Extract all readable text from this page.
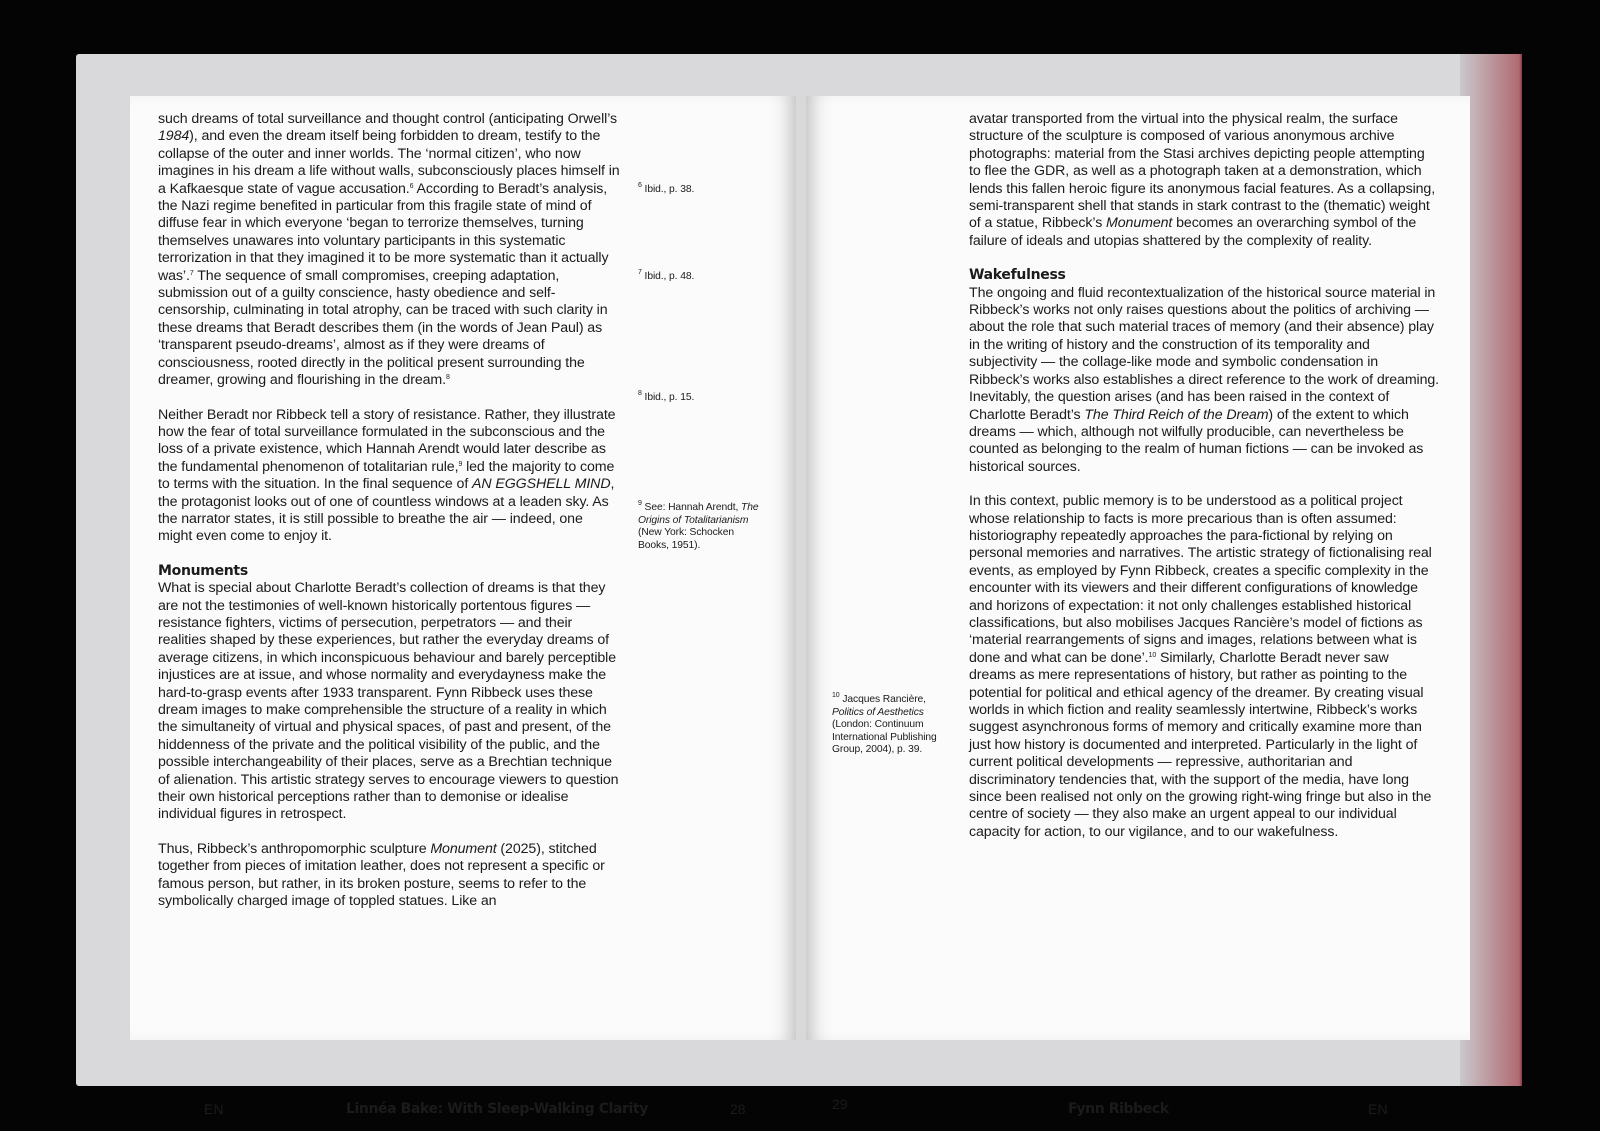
such dreams of total surveillance and thought control (anticipating Orwell’s 1984), and even the dream itself being forbidden to dream, testify to the collapse of the outer and inner worlds. The ‘normal citizen’, who now imagines in his dream a life without walls, subconsciously places himself in a Kafkaesque state of vague accusation.$^6$ According to Beradt’s analysis, the Nazi regime benefited in particular from this fragile state of mind of diffuse fear in which everyone ‘began to terrorize themselves, turning themselves unawares into voluntary participants in this systematic terrorization in that they imagined it to be more systematic than it actually was’.$^7$ The sequence of small compromises, creeping adaptation, submission out of a guilty conscience, hasty obedience and self-censorship, culminating in total atrophy, can be traced with such clarity in these dreams that Beradt describes them (in the words of Jean Paul) as ‘transparent pseudo-dreams’, almost as if they were dreams of consciousness, rooted directly in the political present surrounding the dreamer, growing and flourishing in the dream.$^8$

Neither Beradt nor Ribbeck tell a story of resistance. Rather, they illustrate how the fear of total surveillance formulated in the subconscious and the loss of a private existence, which Hannah Arendt would later describe as the fundamental phenomenon of totalitarian rule,$^9$ led the majority to come to terms with the situation. In the final sequence of AN EGGSHELL MIND, the protagonist looks out of one of countless windows at a leaden sky. As the narrator states, it is still possible to breathe the air — indeed, one might even come to enjoy it.

Monuments

What is special about Charlotte Beradt’s collection of dreams is that they are not the testimonies of well-known historically portentous figures — resistance fighters, victims of persecution, perpetrators — and their realities shaped by these experiences, but rather the everyday dreams of average citizens, in which inconspicuous behaviour and barely perceptible injustices are at issue, and whose normality and everydayness make the hard-to-grasp events after 1933 transparent. Fynn Ribbeck uses these dream images to make comprehensible the structure of a reality in which the simultaneity of virtual and physical spaces, of past and present, of the hiddenness of the private and the political visibility of the public, and the possible interchangeability of their places, serve as a Brechtian technique of alienation. This artistic strategy serves to encourage viewers to question their own historical perceptions rather than to demonise or idealise individual figures in retrospect.

Thus, Ribbeck’s anthropomorphic sculpture Monument (2025), stitched together from pieces of imitation leather, does not represent a specific or famous person, but rather, in its broken posture, seems to refer to the symbolically charged image of toppled statues. Like an

$^6$ Ibid., p. 38.

$^7$ Ibid., p. 48.

$^8$ Ibid., p. 15.

$^9$ See: Hannah Arendt, The Origins of Totalitarianism (New York: Schocken Books, 1951).

EN	Linnéa Bake: With Sleep-Walking Clarity	28

avatar transported from the virtual into the physical realm, the surface structure of the sculpture is composed of various anonymous archive photographs: material from the Stasi archives depicting people attempting to flee the GDR, as well as a photograph taken at a demonstration, which lends this fallen heroic figure its anonymous facial features. As a collapsing, semi-transparent shell that stands in stark contrast to the (thematic) weight of a statue, Ribbeck’s Monument becomes an overarching symbol of the failure of ideals and utopias shattered by the complexity of reality.

Wakefulness

The ongoing and fluid recontextualization of the historical source material in Ribbeck’s works not only raises questions about the politics of archiving — about the role that such material traces of memory (and their absence) play in the writing of history and the construction of its temporality and subjectivity — the collage-like mode and symbolic condensation in Ribbeck’s works also establishes a direct reference to the work of dreaming. Inevitably, the question arises (and has been raised in the context of Charlotte Beradt’s The Third Reich of the Dream) of the extent to which dreams — which, although not wilfully producible, can nevertheless be counted as belonging to the realm of human fictions — can be invoked as historical sources.

In this context, public memory is to be understood as a political project whose relationship to facts is more precarious than is often assumed: historiography repeatedly approaches the para-fictional by relying on personal memories and narratives. The artistic strategy of fictionalising real events, as employed by Fynn Ribbeck, creates a specific complexity in the encounter with its viewers and their different configurations of knowledge and horizons of expectation: it not only challenges established historical classifications, but also mobilises Jacques Rancière’s model of fictions as ‘material rearrangements of signs and images, relations between what is done and what can be done’.$^{10}$ Similarly, Charlotte Beradt never saw dreams as mere representations of history, but rather as pointing to the potential for political and ethical agency of the dreamer. By creating visual worlds in which fiction and reality seamlessly intertwine, Ribbeck’s works suggest asynchronous forms of memory and critically examine more than just how history is documented and interpreted. Particularly in the light of current political developments — repressive, authoritarian and discriminatory tendencies that, with the support of the media, have long since been realised not only on the growing right-wing fringe but also in the centre of society — they also make an urgent appeal to our individual capacity for action, to our vigilance, and to our wakefulness.

$^{10}$ Jacques Rancière, Politics of Aesthetics (London: Continuum International Publishing Group, 2004), p. 39.

29	Fynn Ribbeck	EN
